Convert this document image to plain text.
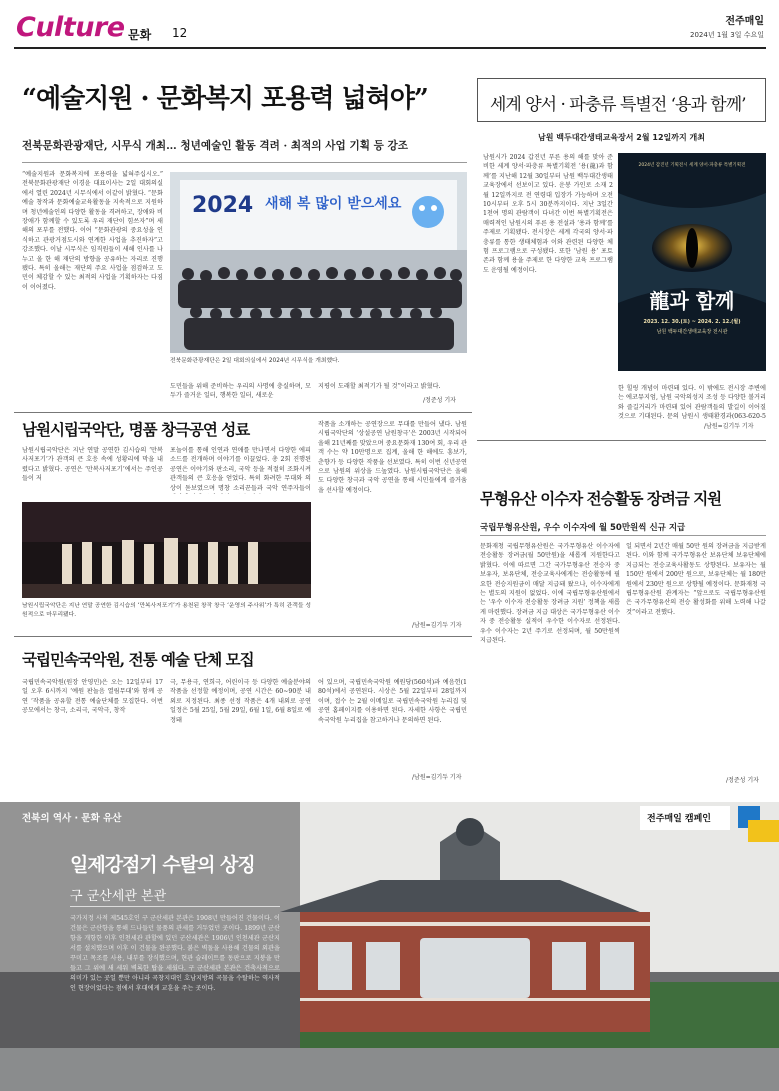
Culture 문화 12
전주매일
2024년 1월 3일 수요일
“예술지원 · 문화복지 포용력 넓혀야”
전북문화관광재단, 시무식 개최… 청년예술인 활동 격려 · 최적의 사업 기획 등 강조
“예술지원과 문화복지에 포용력을 넓혀주십시오.” 전북문화관광재단 이경윤 대표이사는 2일 대회의실에서 열린 2024년 시무식에서 이같이 밝혔다. “문화예술 창작과 문화예술교육활동을 지속적으로 지원하며 청년예술인의 다양한 활동을 격려하고, 장애와 비장애가 함께할 수 있도록 우리 재단이 힘쓰자”며 새해의 포부를 전했다. 이어 “문화관광의 중요성을 인식하고 관광거점도시와 연계한 사업을 추진하자”고 강조했다. 이날 시무식은 임직원들이 새해 인사를 나누고 올 한 해 재단의 방향을 공유하는 자리로 진행됐다. 특히 올해는 재단의 주요 사업을 점검하고 도민이 체감할 수 있는 최적의 사업을 기획하자는 다짐이 이어졌다.
2024 새해 복 많이 받으세요
전북문화관광재단은 2일 대회의실에서 2024년 시무식을 개최했다.
도민들을 위해 준비하는 우리의 사명에 충실하며, 모두가 즐거운 일터, 행복한 일터, 새로운
지평이 도래할 최적기가 될 것”이라고 밝혔다.
/정준성 기자
세계 양서 · 파충류 특별전 ‘용과 함께’
남원 백두대간생태교육장서 2월 12일까지 개최
남원시가 2024 갑진년 푸른 용의 해를 맞아 준비한 세계 양서·파충류 특별기획전 ‘용(龍)과 함께’를 지난해 12월 30일부터 남원 백두대간생태교육장에서 선보이고 있다. 운봉 가인로 소재 2월 12일까지로 전 연령대 입장가 가능하며 오전 10시부터 오후 5시 30분까지이다. 지난 3일간 1천여 명의 관람객이 다녀간 이번 특별기획전은 매력적인 남원시의 푸른 용 전설과 ‘용과 함께’를 주제로 기획됐다. 전시장은 세계 각국의 양서·파충류를 통한 생태체험과 이와 관련된 다양한 체험 프로그램으로 구성됐다. 또한 ‘남원 용’ 포토존과 함께 용을 주제로 한 다양한 교육 프로그램도 운영될 예정이다.
2024년 갑진년 기획전시 세계 양서·파충류 특별기획전
龍과 함께
2023. 12. 30.(토) ~ 2024. 2. 12.(월)
남원 백두대간생태교육장 전시관
한 힐링 개념이 마련돼 있다. 이 밖에도 전시장 주변에는 에코뮤지엄, 남원 국악의성지 조성 등 다양한 볼거리와 즐길거리가 마련돼 있어 관람객들의 발길이 이어질 것으로 기대된다. 문의 남원시 생태환경과(063-620-5
/남원=김기두 기자
남원시립국악단, 명품 창극공연 성료
남원시립국악단은 지난 연말 공연한 김시습의 ‘만복사저포기’가 관객의 큰 호응 속에 성황리에 막을 내렸다고 밝혔다. 공연은 ‘만복사저포기’에서는 주인공들이 저
포놀이를 통해 인연과 연애를 만나면서 다양한 에피소드를 전개하며 이야기를 이끌었다. 총 2회 진행된 공연은 이야기와 판소리, 국악 등을 적절히 조화시켜 관객들의 큰 호응을 얻었다. 특히 화려한 무대와 의상이 돋보였으며 명창 소리꾼들과 국악 연주자들이
작품을 소개하는 공연장으로 무대를 만들어 냈다. 남원시립국악단의 ‘상설공연 남원창극’은 2003년 시작되어 올해 21년째를 맞았으며 중요문화재 130여 회, 우리 관객 수는 약 10만명으로 집계, 올해 한 해에도 흥보가, 춘향가 등 다양한 작품을 선보였다. 특히 이번 신년공연으로 남원의 위상을 드높였다. 남원시립국악단은 올해도 다양한 창극과 국악 공연을 통해 시민들에게 즐거움을 선사할 예정이다.
남원시립국악단은 지난 연말 공연한 김시습의 ‘만복사저포기’가 용천된 창작 창극 ‘운영의 주사위’가 특히 관객들 성원적으로 마무리됐다.
/남원=김기두 기자
무형유산 이수자 전승활동 장려금 지원
국립무형유산원, 우수 이수자에 월 50만원씩 신규 지급
문화재청 국립무형유산원은 국가무형유산 이수자에 전승활동 장려금(월 50만원)을 새롭게 지원한다고 밝혔다. 이에 따르면 그간 국가무형유산 전승자 중 보유자, 보유단체, 전승교육사에게는 전승활동에 필요한 전승지원금이 매달 지급돼 왔으나, 이수자에게는 별도의 지원이 없었다. 이에 국립무형유산원에서는 ‘우수 이수자 전승활동 장려금 지원’ 정책을 새롭게 마련했다. 장려금 지급 대상은 국가무형유산 이수자 중 전승활동 실적이 우수한 이수자로 선정된다. 우수 이수자는 2년 주기로 선정되며, 월 50만원씩 지급된다.
일 되면서 2년간 매월 50만 원의 장려금을 지급받게 된다. 이와 함께 국가무형유산 보유단체 보유단체에 지급되는 전승교육사활동도 상향된다. 보유자는 월 150만 원에서 200만 원으로, 보유단체는 월 180만 원에서 230만 원으로 상향될 예정이다. 문화재청 국립무형유산원 관계자는 “앞으로도 국립무형유산원은 국가무형유산의 전승 활성화를 위해 노력해 나갈 것”이라고 전했다.
/정준성 기자
국립민속국악원, 전통 예술 단체 모집
국립민속국악원(원장 안영민)은 오는 12일부터 17일 오후 6시까지 ‘예원 판놀음 열림무대’와 함께 공연 ‘작품을 공유할 전통 예술단체를 모집한다. 이번 공모에서는 창극, 소리극, 국악극, 창작
극, 무용극, 연희극, 어린이극 등 다양한 예술분야의 작품을 선정할 예정이며, 공연 시간은 60~90분 내외로 지정된다. 최종 선정 작품은 4개 내외로 공연 일정은 5월 25일, 5월 29일, 6월 1일, 6월 8일로 예정돼
어 있으며, 국립민속국악원 예원당(560석)과 예음헌(180석)에서 공연된다. 시상은 5월 22일부터 28일까지이며, 접수 는 2월 이메일로 국립민속국악원 누리집 및 공연 홈페이지를 이용하면 된다. 자세한 사항은 국립민속국악원 누리집을 참고하거나 문의하면 된다.
/남원=김기두 기자
전북의 역사 · 문화 유산	전주매일 캠페인
일제강점기 수탈의 상징
구 군산세관 본관
국가지정 사적 제545호인 구 군산세관 본관은 1908년 만들어진 건물이다. 이 건물은 군산항을 통해 드나들던 물품의 관세를 거두었던 곳이다. 1899년 군산항을 개항한 이후 인천세관 관할에 있던 군산세관은 1906년 인천세관 군산지서를 설치했으며 이후 이 건물을 완공했다. 붉은 벽돌을 사용해 건물의 외관을 꾸미고 목조를 사용, 내부를 장식했으며, 현관 슬레이트를 동판으로 지붕을 만들고 그 위에 새 세워 벽록한 탑을 세웠다. 구 군산세관 본관은 건축사적으로 의미가 있는 곳일 뿐만 아니라 곡창지대인 호남지방의 곡물을 수탈하는 역사적인 현장이었다는 점에서 후대에게 교훈을 주는 곳이다.
